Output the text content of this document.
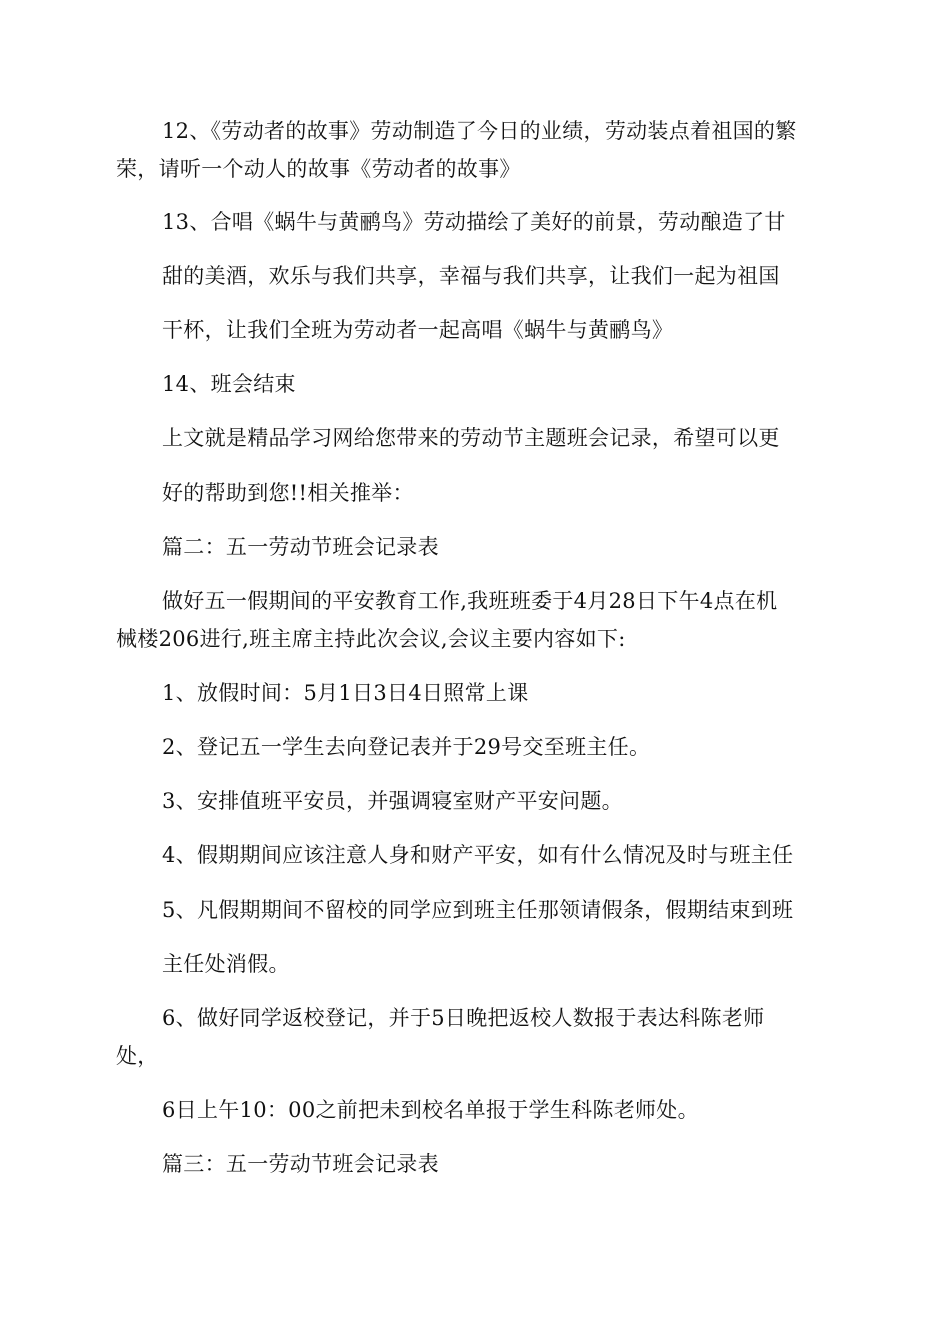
12、《劳动者的故事》劳动制造了今日的业绩，劳动装点着祖国的繁
荣，请听一个动人的故事《劳动者的故事》
13、合唱《蜗牛与黄鹂鸟》劳动描绘了美好的前景，劳动酿造了甘
甜的美酒，欢乐与我们共享，幸福与我们共享，让我们一起为祖国
干杯，让我们全班为劳动者一起高唱《蜗牛与黄鹂鸟》
14、班会结束
上文就是精品学习网给您带来的劳动节主题班会记录，希望可以更
好的帮助到您!!相关推举：
篇二：五一劳动节班会记录表
做好五一假期间的平安教育工作,我班班委于4月28日下午4点在机
械楼206进行,班主席主持此次会议,会议主要内容如下:
1、放假时间：5月1日3日4日照常上课
2、登记五一学生去向登记表并于29号交至班主任。
3、安排值班平安员，并强调寝室财产平安问题。
4、假期期间应该注意人身和财产平安，如有什么情况及时与班主任
5、凡假期期间不留校的同学应到班主任那领请假条，假期结束到班
主任处消假。
6、做好同学返校登记，并于5日晚把返校人数报于表达科陈老师
处，
6日上午10：00之前把未到校名单报于学生科陈老师处。
篇三：五一劳动节班会记录表
